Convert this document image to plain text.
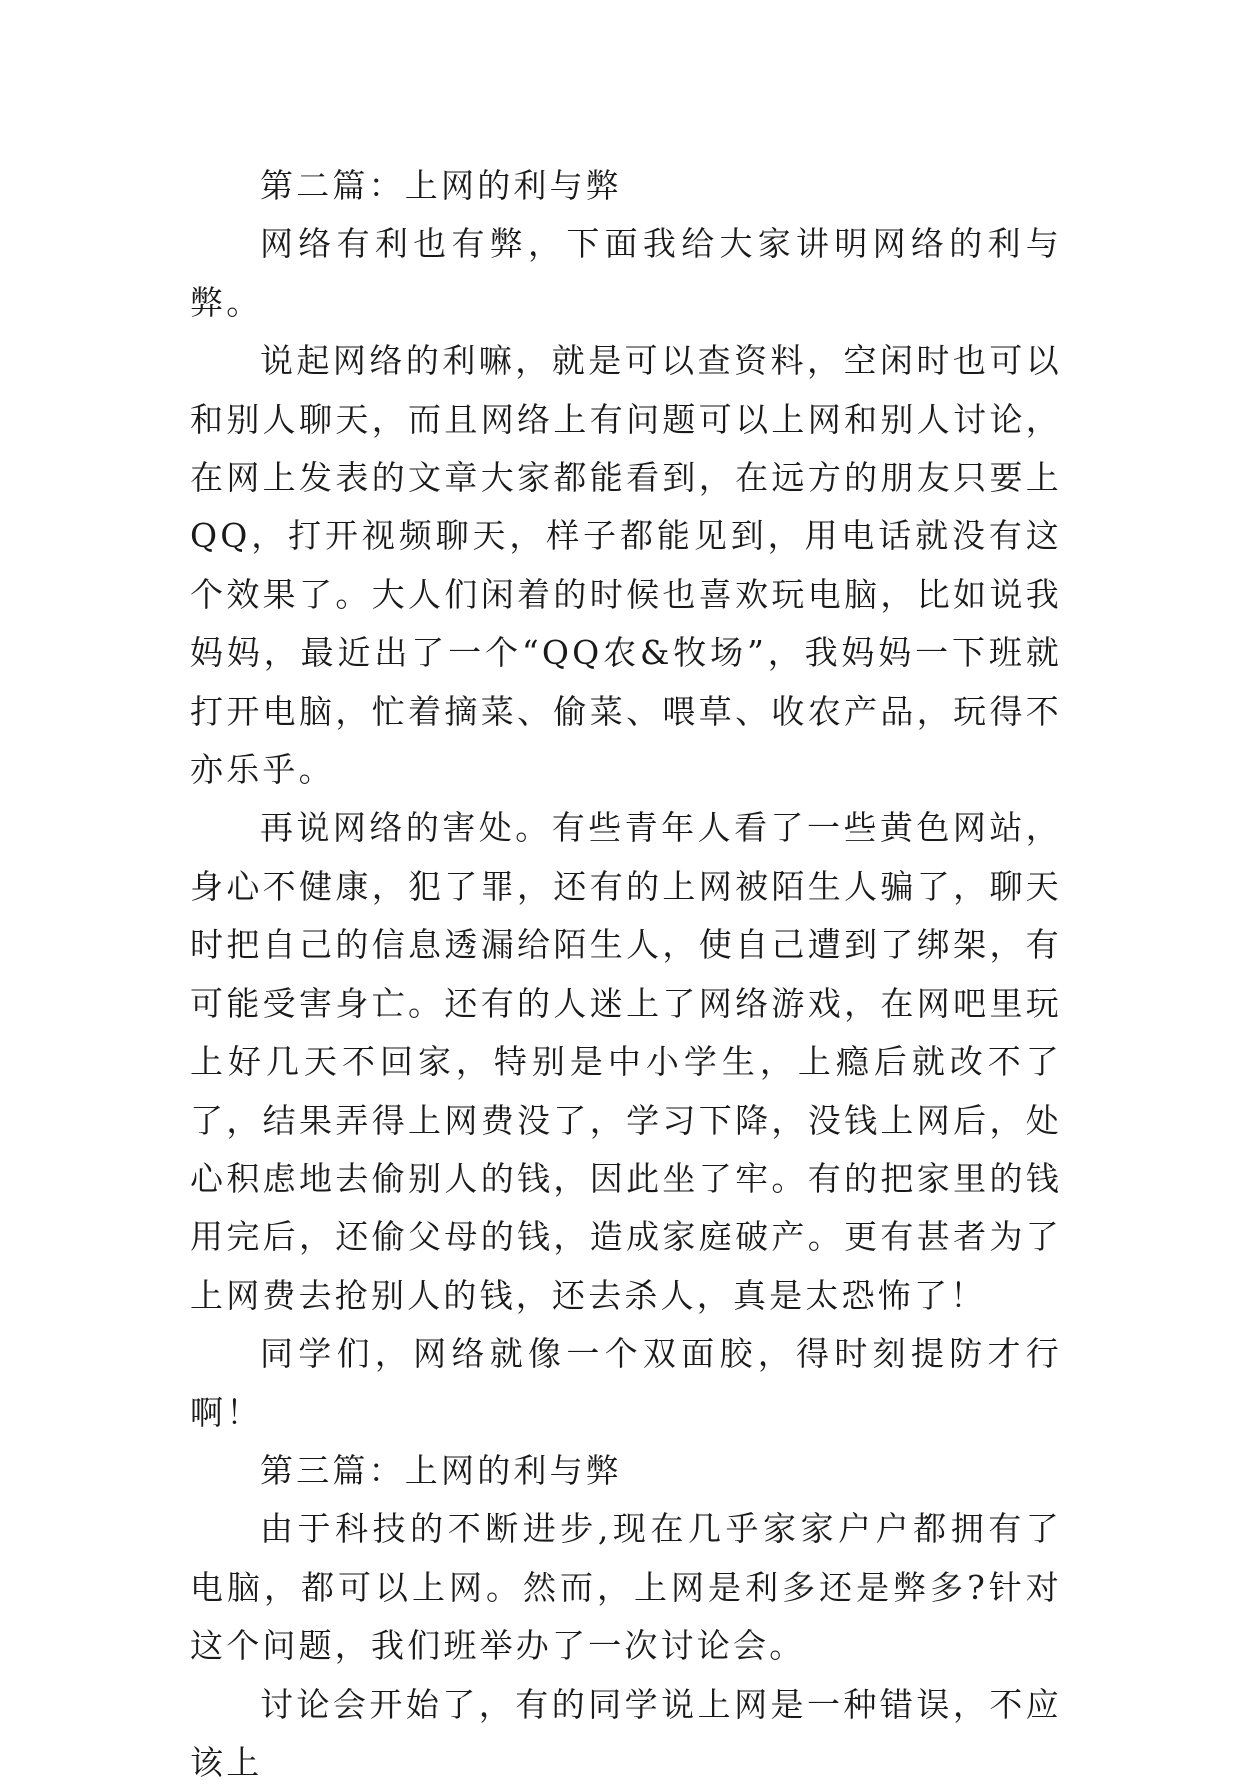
第二篇：上网的利与弊

网络有利也有弊，下面我给大家讲明网络的利与弊。

说起网络的利嘛，就是可以查资料，空闲时也可以和别人聊天，而且网络上有问题可以上网和别人讨论，在网上发表的文章大家都能看到，在远方的朋友只要上QQ，打开视频聊天，样子都能见到，用电话就没有这个效果了。大人们闲着的时候也喜欢玩电脑，比如说我妈妈，最近出了一个“QQ农&牧场”，我妈妈一下班就打开电脑，忙着摘菜、偷菜、喂草、收农产品，玩得不亦乐乎。

再说网络的害处。有些青年人看了一些黄色网站，身心不健康，犯了罪，还有的上网被陌生人骗了，聊天时把自己的信息透漏给陌生人，使自己遭到了绑架，有可能受害身亡。还有的人迷上了网络游戏，在网吧里玩上好几天不回家，特别是中小学生，上瘾后就改不了了，结果弄得上网费没了，学习下降，没钱上网后，处心积虑地去偷别人的钱，因此坐了牢。有的把家里的钱用完后，还偷父母的钱，造成家庭破产。更有甚者为了上网费去抢别人的钱，还去杀人，真是太恐怖了！

同学们，网络就像一个双面胶，得时刻提防才行啊！

第三篇：上网的利与弊

由于科技的不断进步,现在几乎家家户户都拥有了电脑，都可以上网。然而，上网是利多还是弊多?针对这个问题，我们班举办了一次讨论会。

讨论会开始了，有的同学说上网是一种错误，不应该上
